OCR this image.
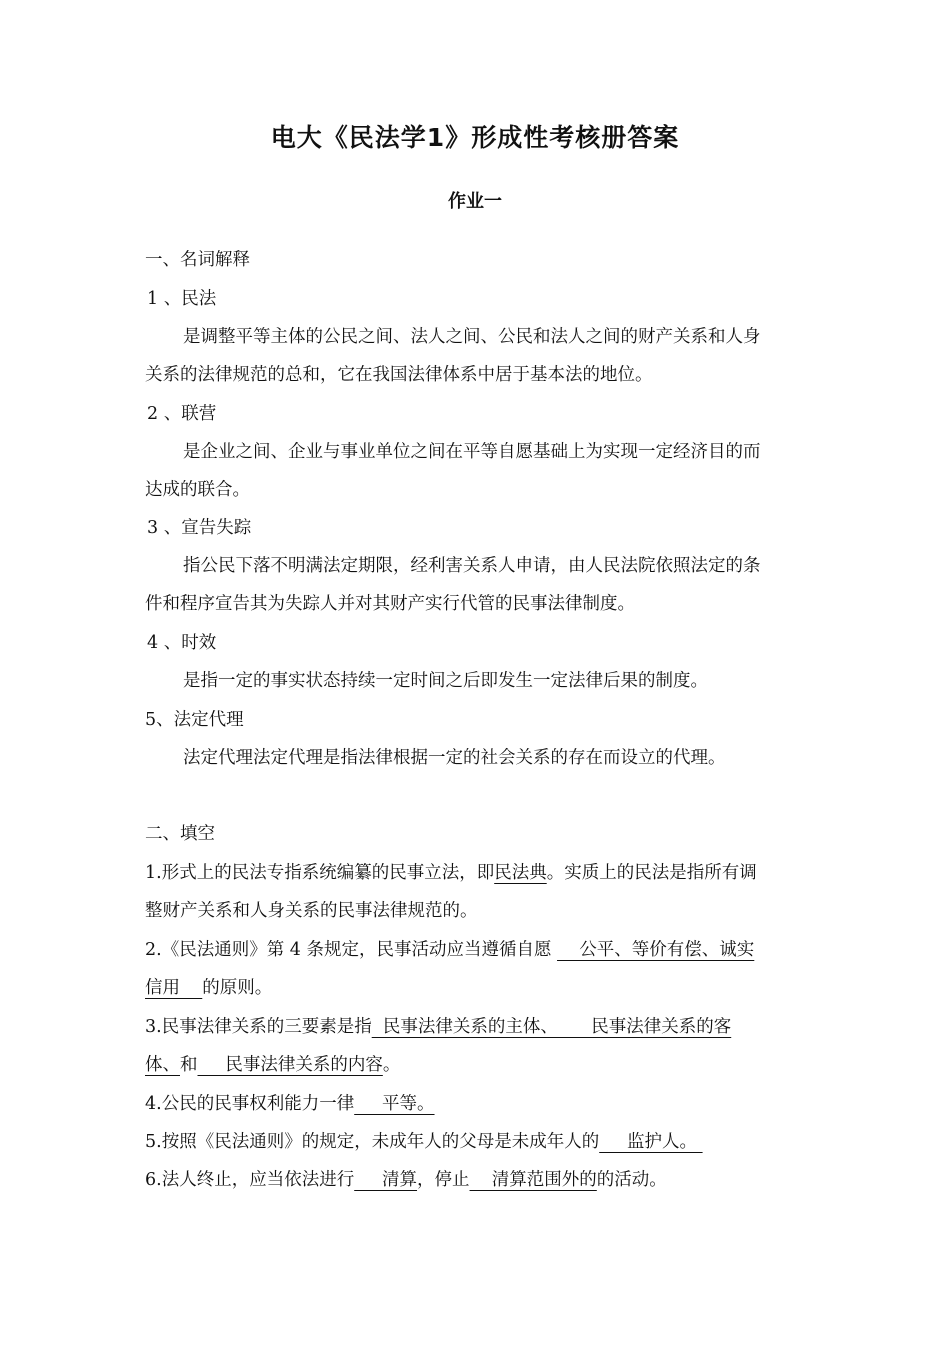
电大《民法学1》形成性考核册答案
作业一
一、名词解释
1 、民法
是调整平等主体的公民之间、法人之间、公民和法人之间的财产关系和人身
关系的法律规范的总和，它在我国法律体系中居于基本法的地位。
2 、联营
是企业之间、企业与事业单位之间在平等自愿基础上为实现一定经济目的而
达成的联合。
3 、宣告失踪
指公民下落不明满法定期限，经利害关系人申请，由人民法院依照法定的条
件和程序宣告其为失踪人并对其财产实行代管的民事法律制度。
4 、时效
是指一定的事实状态持续一定时间之后即发生一定法律后果的制度。
5、法定代理
法定代理法定代理是指法律根据一定的社会关系的存在而设立的代理。
二、填空
1.形式上的民法专指系统编纂的民事立法，即民法典。实质上的民法是指所有调
整财产关系和人身关系的民事法律规范的。
2.《民法通则》第 4 条规定，民事活动应当遵循自愿     公平、等价有偿、诚实
信用    的原则。
3.民事法律关系的三要素是指  民事法律关系的主体、      民事法律关系的客
体、和     民事法律关系的内容。
4.公民的民事权利能力一律     平等。
5.按照《民法通则》的规定，未成年人的父母是未成年人的     监护人。
6.法人终止，应当依法进行     清算，停止    清算范围外的的活动。
